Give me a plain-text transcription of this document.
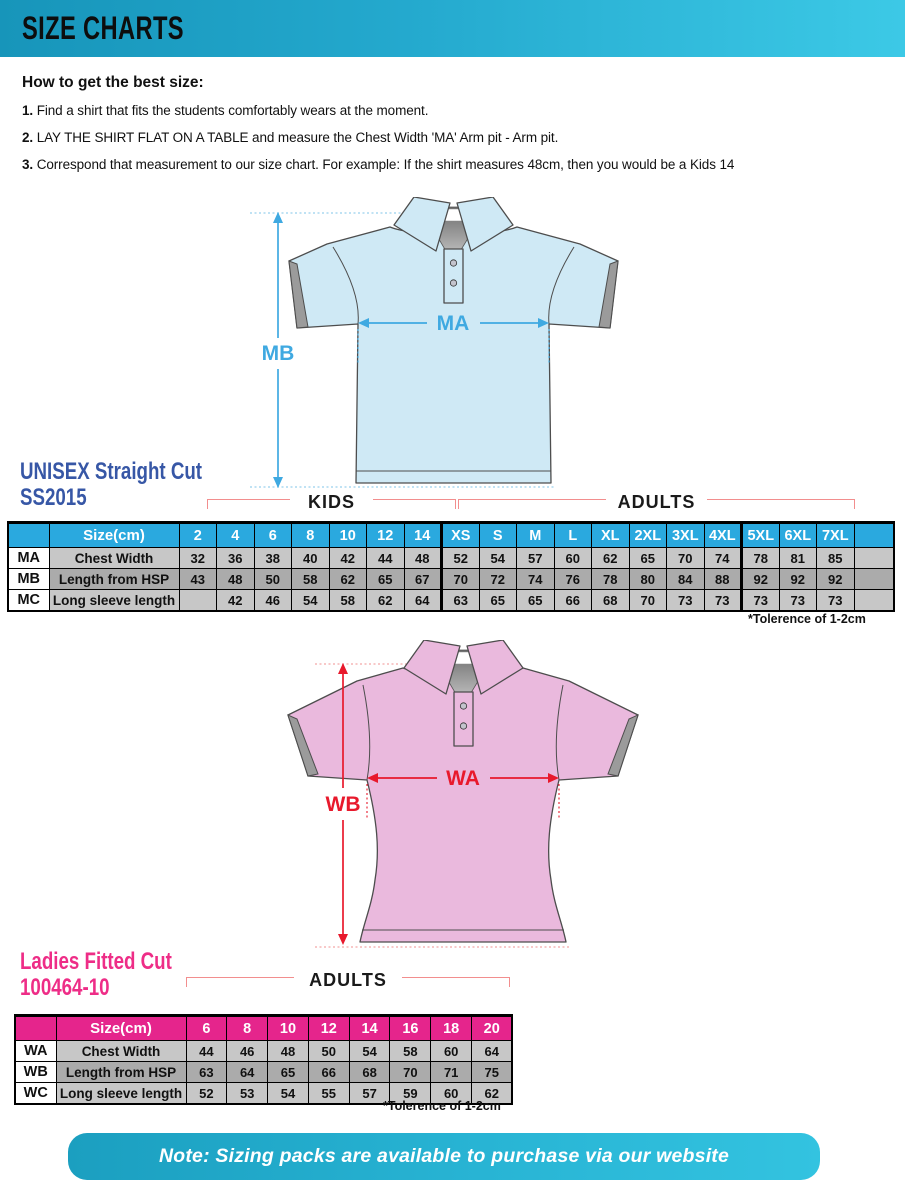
SIZE CHARTS
How to get the best size:
1. Find a shirt that fits the students comfortably wears at the moment.
2. LAY THE SHIRT FLAT ON A TABLE and measure the Chest Width 'MA' Arm pit - Arm pit.
3. Correspond that measurement to our size chart. For example: If the shirt measures 48cm, then you would be a Kids 14
MA
MB
UNISEX Straight Cut
SS2015	KIDS	ADULTS
	Size(cm)	2	4	6	8	10	12	14	XS	S	M	L	XL	2XL	3XL	4XL	5XL	6XL	7XL	
MA	Chest Width	32	36	38	40	42	44	48	52	54	57	60	62	65	70	74	78	81	85	
MB	Length from HSP	43	48	50	58	62	65	67	70	72	74	76	78	80	84	88	92	92	92	
MC	Long sleeve length		42	46	54	58	62	64	63	65	65	66	68	70	73	73	73	73	73	
*Tolerence of 1-2cm
WA
WB
Ladies Fitted Cut
100464-10	ADULTS
	Size(cm)	6	8	10	12	14	16	18	20
WA	Chest Width	44	46	48	50	54	58	60	64
WB	Length from HSP	63	64	65	66	68	70	71	75
WC	Long sleeve length	52	53	54	55	57	59	60	62
*Tolerence of 1-2cm
Note: Sizing packs are available to purchase via our website
